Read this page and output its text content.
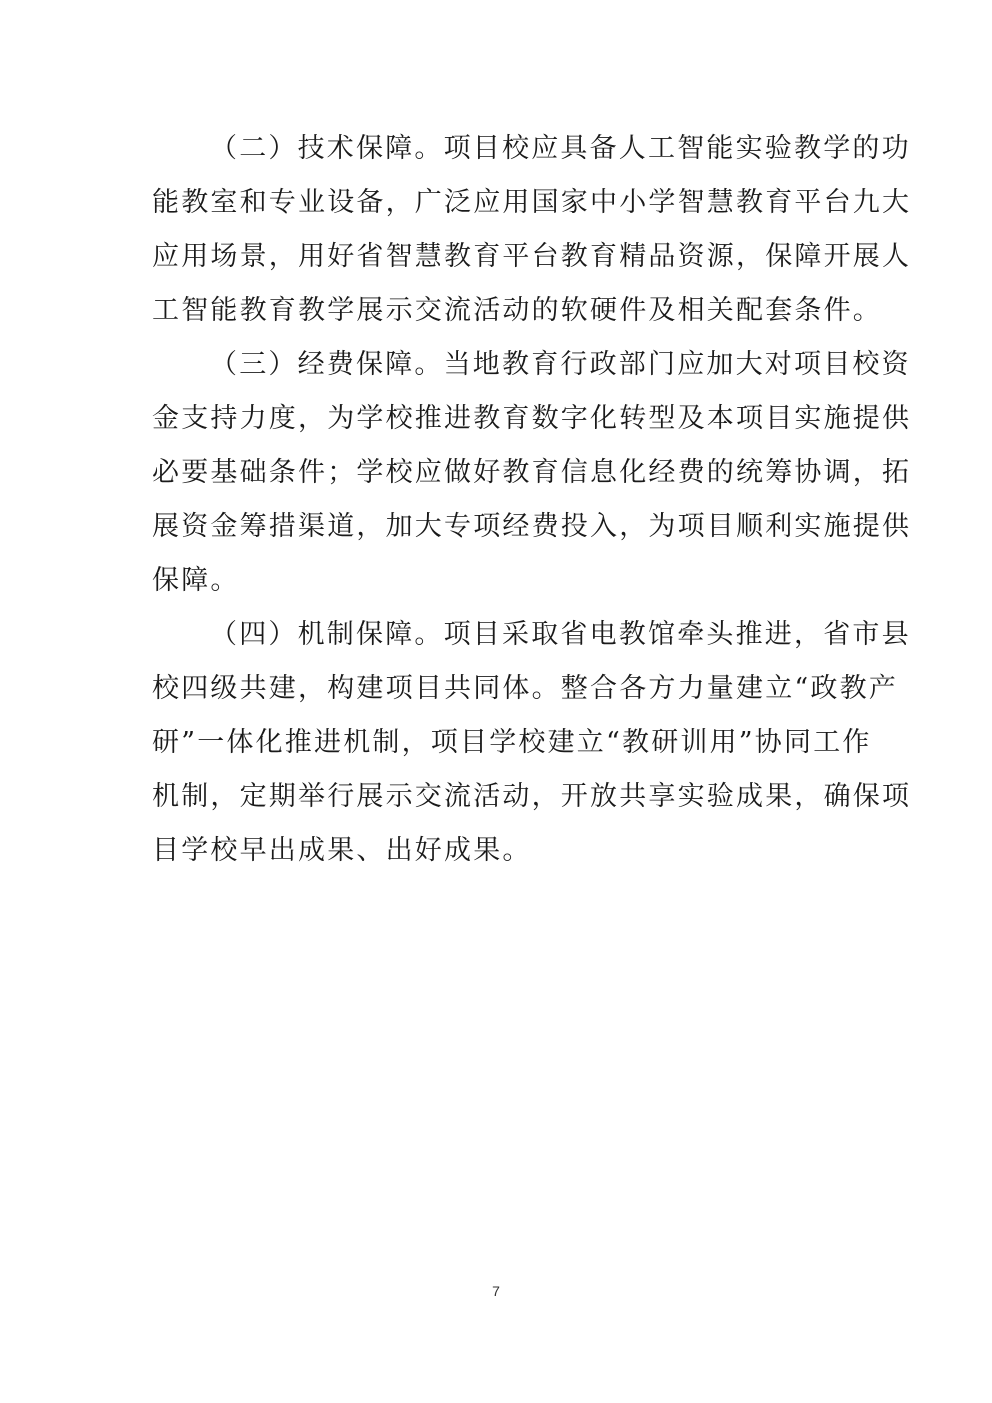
（二）技术保障。项目校应具备人工智能实验教学的功
能教室和专业设备，广泛应用国家中小学智慧教育平台九大
应用场景，用好省智慧教育平台教育精品资源，保障开展人
工智能教育教学展示交流活动的软硬件及相关配套条件。

（三）经费保障。当地教育行政部门应加大对项目校资
金支持力度，为学校推进教育数字化转型及本项目实施提供
必要基础条件；学校应做好教育信息化经费的统筹协调，拓
展资金筹措渠道，加大专项经费投入，为项目顺利实施提供
保障。

（四）机制保障。项目采取省电教馆牵头推进，省市县
校四级共建，构建项目共同体。整合各方力量建立“政教产
研”一体化推进机制，项目学校建立“教研训用”协同工作
机制，定期举行展示交流活动，开放共享实验成果，确保项
目学校早出成果、出好成果。

7
